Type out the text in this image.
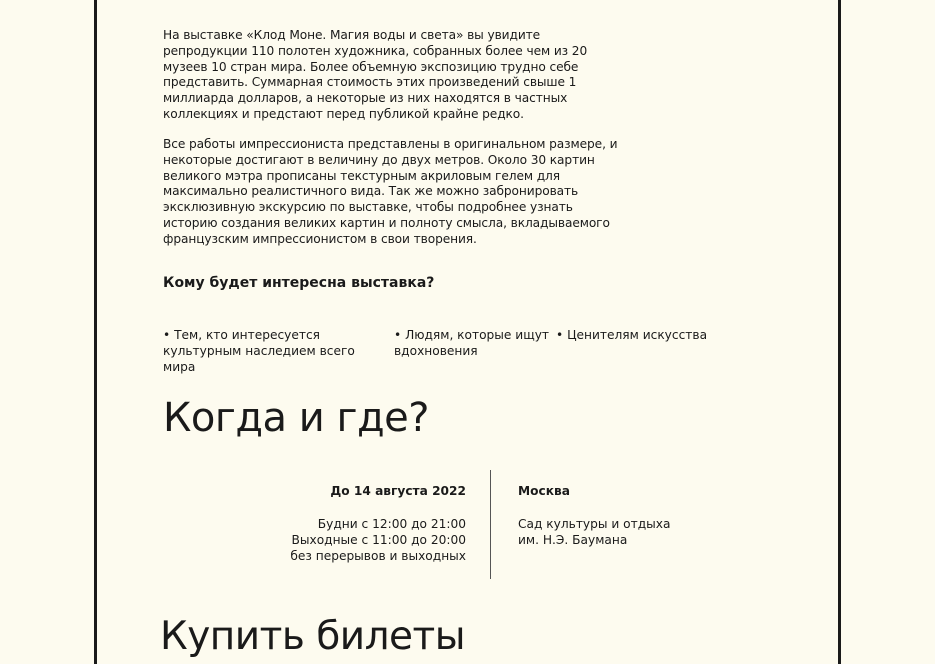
На выставке «Клод Моне. Магия воды и света» вы увидите репродукции 110 полотен художника, собранных более чем из 20 музеев 10 стран мира. Более объемную экспозицию трудно себе представить. Суммарная стоимость этих произведений свыше 1 миллиарда долларов, а некоторые из них находятся в частных коллекциях и предстают перед публикой крайне редко.

Все работы импрессиониста представлены в оригинальном размере, и некоторые достигают в величину до двух метров. Около 30 картин великого мэтра прописаны текстурным акриловым гелем для максимально реалистичного вида. Так же можно забронировать эксклюзивную экскурсию по выставке, чтобы подробнее узнать историю создания великих картин и полноту смысла, вкладываемого французским импрессионистом в свои творения.

Кому будет интересна выставка?
• Тем, кто интересуется культурным наследием всего мира
• Людям, которые ищут вдохновения
• Ценителям искусства
Когда и где?

До 14 августа 2022

Будни с 12:00 до 21:00
Выходные с 11:00 до 20:00
без перерывов и выходных

Москва

Сад культуры и отдыха
им. Н.Э. Баумана
Купить билеты
